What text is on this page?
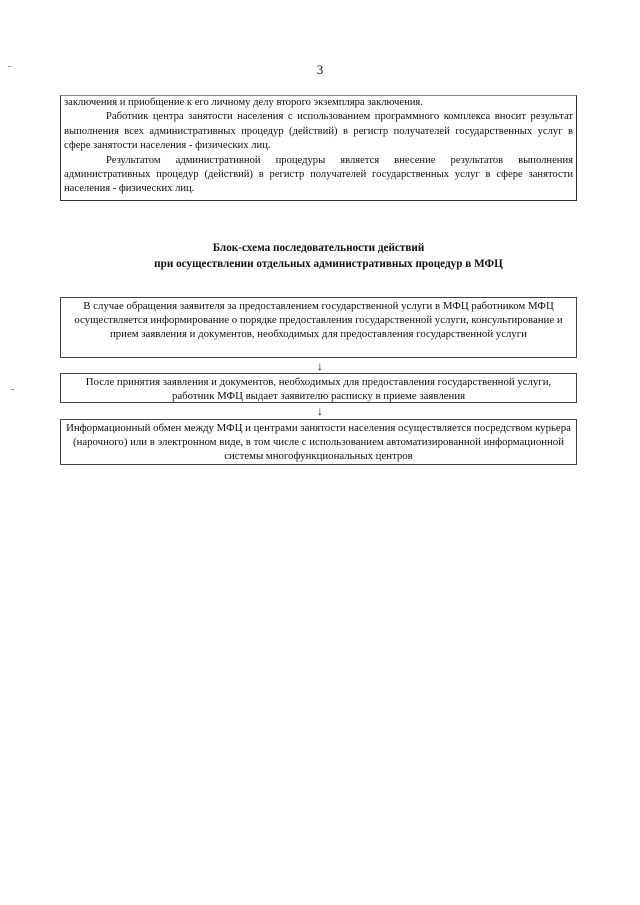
3

заключения и приобщение к его личному делу второго экземпляра заключения.

Работник центра занятости населения с использованием программного комплекса вносит результат выполнения всех административных процедур (действий) в регистр получателей государственных услуг в сфере занятости населения - физических лиц.

Результатом административной процедуры является внесение результатов выполнения административных процедур (действий) в регистр получателей государственных услуг в сфере занятости населения - физических лиц.

Блок-схема последовательности действий
при осуществлении отдельных административных процедур в МФЦ
В случае обращения заявителя за предоставлением государственной услуги в МФЦ работником МФЦ осуществляется информирование о порядке предоставления государственной услуги, консультирование и прием заявления и документов, необходимых для предоставления государственной услуги
↓
После принятия заявления и документов, необходимых для предоставления государственной услуги, работник МФЦ выдает заявителю расписку в приеме заявления
↓
Информационный обмен между МФЦ и центрами занятости населения осуществляется посредством курьера (нарочного) или в электронном виде, в том числе с использованием автоматизированной информационной системы многофункциональных центров
